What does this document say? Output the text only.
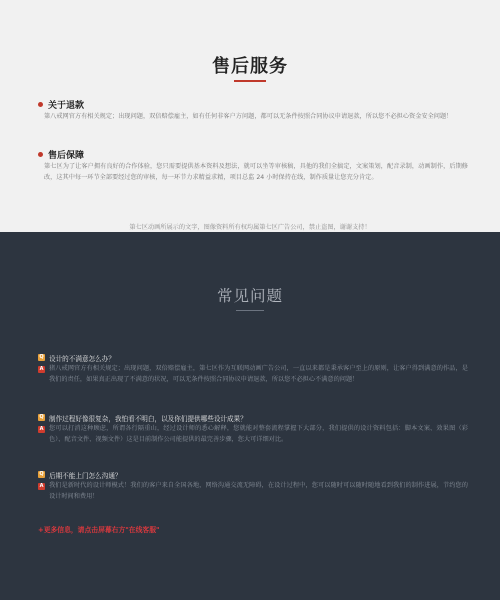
售后服务
关于退款
第八戒网官方有相关规定；出现问题，双倍赔偿雇主，如有任何非客户方问题，都可以无条件按照合同协议申请退款，所以您不必担心资金安全问题！
售后保障
第七区为了让客户拥有良好的合作体验，您只需要提供基本资料及想法，就可以坐等审核稿，具他的我们全搞定，文案策划，配音录制，动画制作，后期修改，这其中每一环节全部要经过您的审核，每一环节力求精益求精，项目总监 24 小时保持在线，制作质量让您充分肯定。
第七区动画所展示的文字，图像资料所有权均属第七区广告公司，禁止盗图，谢谢支持！
常见问题
Q 设计的不满意怎么办？
A 猪八戒网官方有相关规定；出现问题，双倍赔偿雇主，第七区作为互联网动画广告公司，一直以来都是秉承客户至上的原则，让客户得到满意的作品，是我们的责任，如果真正出现了不满意的状况，可以无条件按照合同协议申请退款，所以您不必担心不满意的问题！
Q 制作过程好像很复杂，我怕看不明白，以及你们提供哪些设计成果？
A 您可以打消这种顾虑，所谓各行隔重山，经过设计师的悉心解释，您就能对整套流程掌握下大部分，我们提供的设计资料包括：脚本文案、效果图（彩色）、配音文件、视频文件）这是目前制作公司能提供的最完善步骤，您大可详细对比。
Q 后期不能上门怎么沟通？
A 我们是新时代的设计师模式！我们的客户来自全国各地，网络沟通交流无障碍，在设计过程中，您可以随时可以随时随地看到我们的制作进展，节约您的设计时间和费用！
+更多信息，请点击屏幕右方"在线客服"
